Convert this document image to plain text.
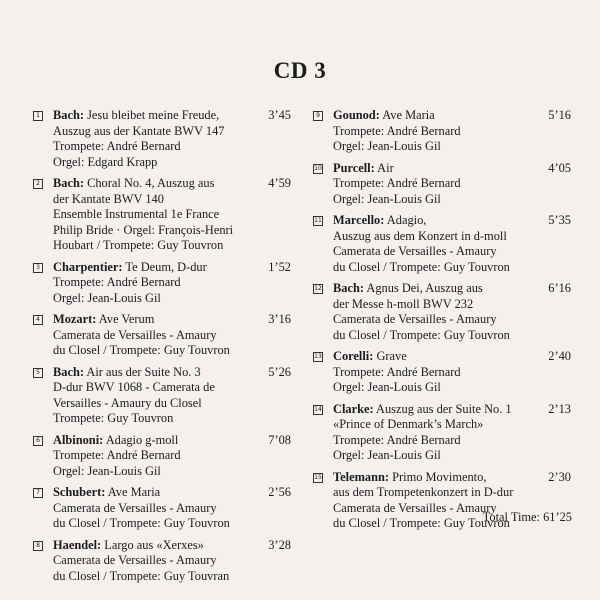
CD 3
1 Bach: Jesu bleibet meine Freude,	3’45
Auszug aus der Kantate BWV 147
Trompete: André Bernard
Orgel: Edgard Krapp
2 Bach: Choral No. 4, Auszug aus	4’59
der Kantate BWV 140
Ensemble Instrumental 1e France
Philip Bride · Orgel: François-Henri
Houbart / Trompete: Guy Touvron
3 Charpentier: Te Deum, D-dur	1’52
Trompete: André Bernard
Orgel: Jean-Louis Gil
4 Mozart: Ave Verum	3’16
Camerata de Versailles - Amaury
du Closel / Trompete: Guy Touvron
5 Bach: Air aus der Suite No. 3	5’26
D-dur BWV 1068 - Camerata de
Versailles - Amaury du Closel
Trompete: Guy Touvron
6 Albinoni: Adagio g-moll	7’08
Trompete: André Bernard
Orgel: Jean-Louis Gil
7 Schubert: Ave Maria	2’56
Camerata de Versailles - Amaury
du Closel / Trompete: Guy Touvron
8 Haendel: Largo aus «Xerxes»	3’28
Camerata de Versailles - Amaury
du Closel / Trompete: Guy Touvran
9 Gounod: Ave Maria	5’16
Trompete: André Bernard
Orgel: Jean-Louis Gil
10 Purcell: Air	4’05
Trompete: André Bernard
Orgel: Jean-Louis Gil
11 Marcello: Adagio,	5’35
Auszug aus dem Konzert in d-moll
Camerata de Versailles - Amaury
du Closel / Trompete: Guy Touvron
12 Bach: Agnus Dei, Auszug aus	6’16
der Messe h-moll BWV 232
Camerata de Versailles - Amaury
du Closel / Trompete: Guy Touvron
13 Corelli: Grave	2’40
Trompete: André Bernard
Orgel: Jean-Louis Gil
14 Clarke: Auszug aus der Suite No. 1	2’13
«Prince of Denmark’s March»
Trompete: André Bernard
Orgel: Jean-Louis Gil
15 Telemann: Primo Movimento,	2’30
aus dem Trompetenkonzert in D-dur
Camerata de Versailles - Amaury
du Closel / Trompete: Guy Touvron
Total Time: 61’25
